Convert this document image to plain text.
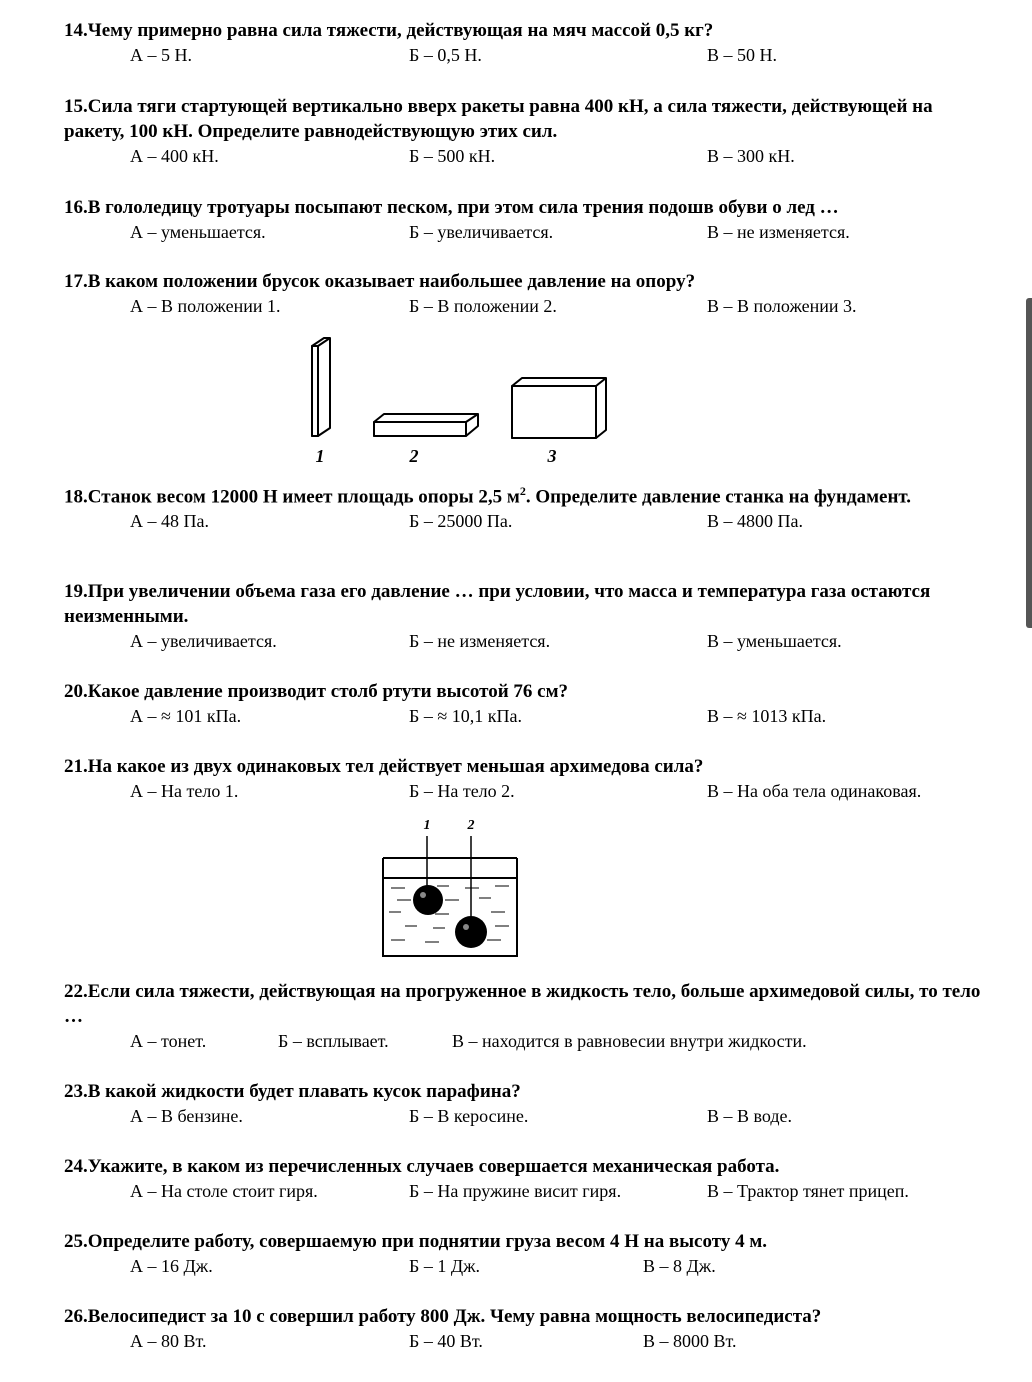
14.Чему примерно равна сила тяжести, действующая на мяч массой 0,5 кг?

А – 5 Н.	Б – 0,5 Н.	В – 50 Н.

15.Сила тяги стартующей вертикально вверх ракеты равна 400 кН, а сила тяжести, действующей на ракету, 100 кН. Определите равнодействующую этих сил.

А – 400 кН.	Б – 500 кН.	В – 300 кН.

16.В гололедицу тротуары посыпают песком, при этом сила трения подошв обуви о лед …

А – уменьшается.	Б – увеличивается.	В – не изменяется.

17.В каком положении брусок оказывает наибольшее давление на опору?

А – В положении 1.	Б – В положении 2.	В – В положении 3.
1	2	3

18.Станок весом 12000 Н имеет площадь опоры 2,5 $м^2$. Определите давление станка на фундамент.

А – 48 Па.	Б – 25000 Па.	В – 4800 Па.

19.При увеличении объема газа его давление … при условии, что масса и температура газа остаются неизменными.

А – увеличивается.	Б – не изменяется.	В – уменьшается.

20.Какое давление производит столб ртути высотой 76 см?

А – ≈ 101 кПа.	Б – ≈ 10,1 кПа.	В – ≈ 1013 кПа.

21.На какое из двух одинаковых тел действует меньшая архимедова сила?

А – На тело 1.	Б – На тело 2.	В – На оба тела одинаковая.
1	2

22.Если сила тяжести, действующая на прогруженное в жидкость тело, больше архимедовой силы, то тело …

А – тонет.	Б – всплывает.	В – находится в равновесии внутри жидкости.

23.В какой жидкости будет плавать кусок парафина?

А – В бензине.	Б – В керосине.	В – В воде.

24.Укажите, в каком из перечисленных случаев совершается механическая работа.

А – На столе стоит гиря.	Б – На пружине висит гиря.	В – Трактор тянет прицеп.

25.Определите работу, совершаемую при поднятии груза весом 4 Н на высоту 4 м.

А – 16 Дж.	Б – 1 Дж.	В – 8 Дж.

26.Велосипедист за 10 с совершил работу 800 Дж. Чему равна мощность велосипедиста?

А – 80 Вт.	Б – 40 Вт.	В – 8000 Вт.
